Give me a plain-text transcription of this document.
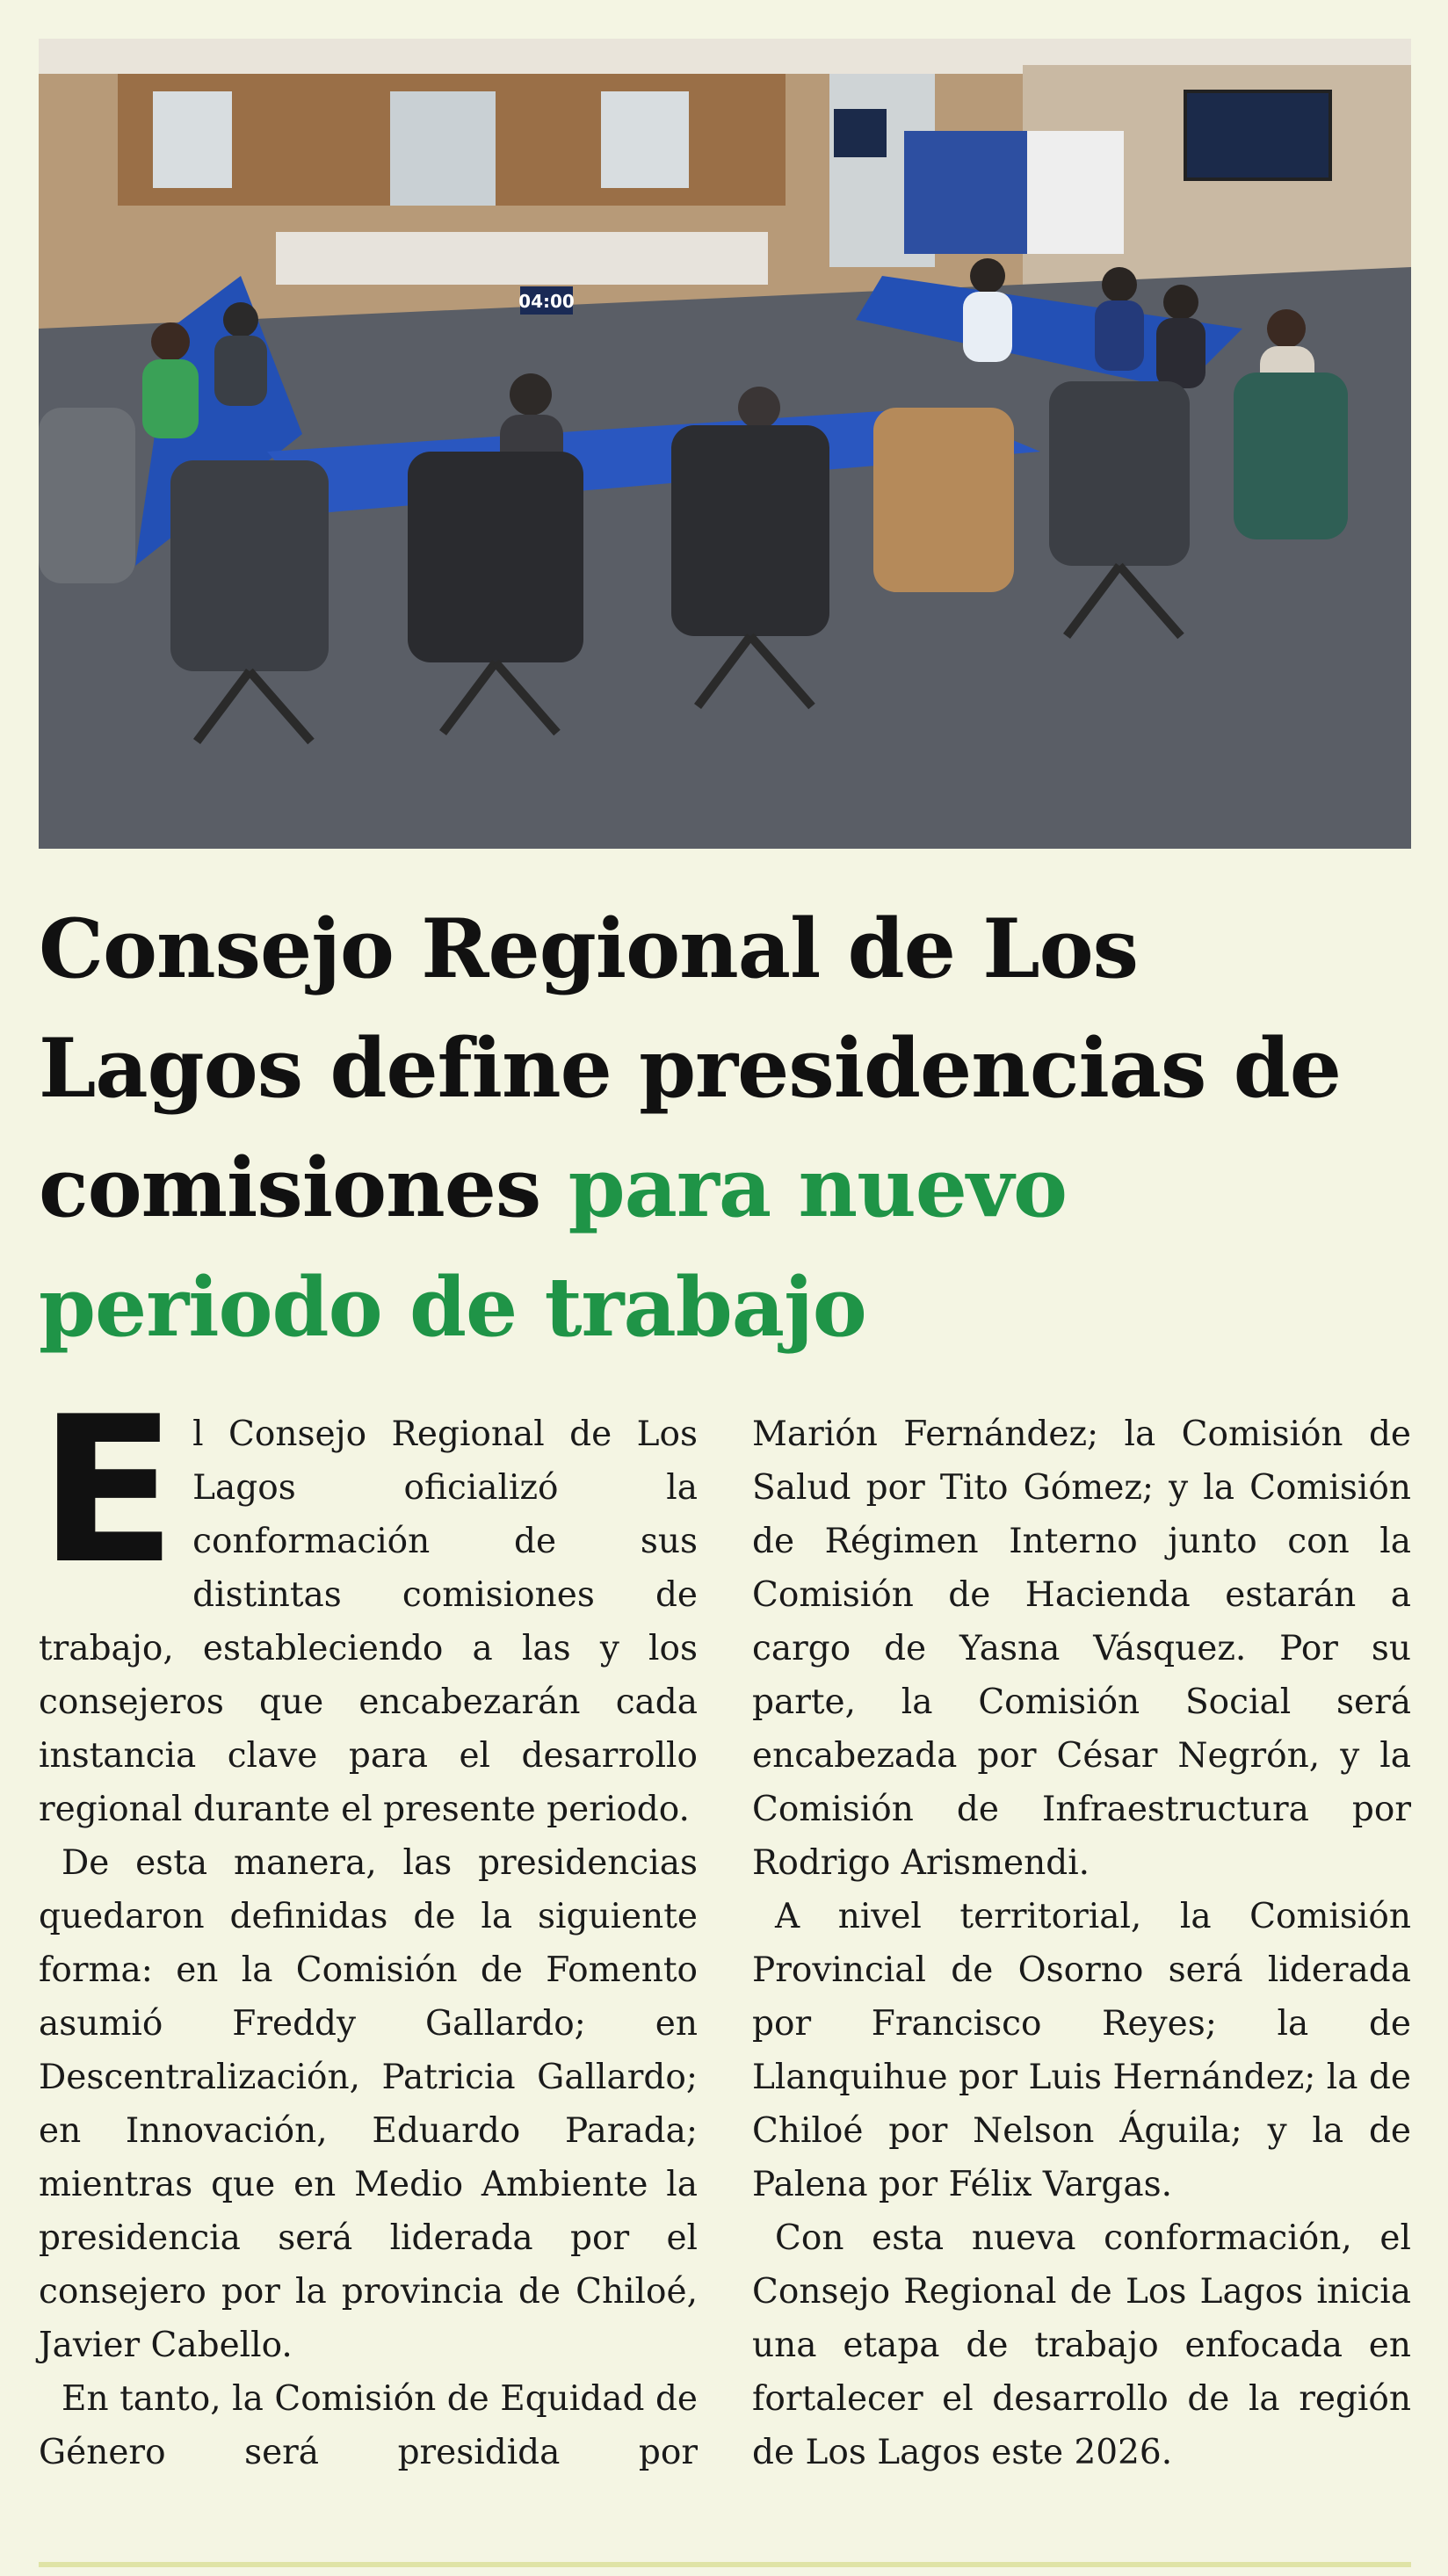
04:00
Consejo Regional de Los Lagos define presidencias de comisiones para nuevo periodo de trabajo

El Consejo Regional de Los Lagos oficializó la conformación de sus distintas comisiones de trabajo, estableciendo a las y los consejeros que encabezarán cada instancia clave para el desarrollo regional durante el presente periodo.

De esta manera, las presidencias quedaron definidas de la siguiente forma: en la Comisión de Fomento asumió Freddy Gallardo; en Descentralización, Patricia Gallardo; en Innovación, Eduardo Parada; mientras que en Medio Ambiente la presidencia será liderada por el consejero por la provincia de Chiloé, Javier Cabello.

En tanto, la Comisión de Equidad de Género será presidida por

Marión Fernández; la Comisión de Salud por Tito Gómez; y la Comisión de Régimen Interno junto con la Comisión de Hacienda estarán a cargo de Yasna Vásquez. Por su parte, la Comisión Social será encabezada por César Negrón, y la Comisión de Infraestructura por Rodrigo Arismendi.

A nivel territorial, la Comisión Provincial de Osorno será liderada por Francisco Reyes; la de Llanquihue por Luis Hernández; la de Chiloé por Nelson Águila; y la de Palena por Félix Vargas.

Con esta nueva conformación, el Consejo Regional de Los Lagos inicia una etapa de trabajo enfocada en fortalecer el desarrollo de la región de Los Lagos este 2026.
